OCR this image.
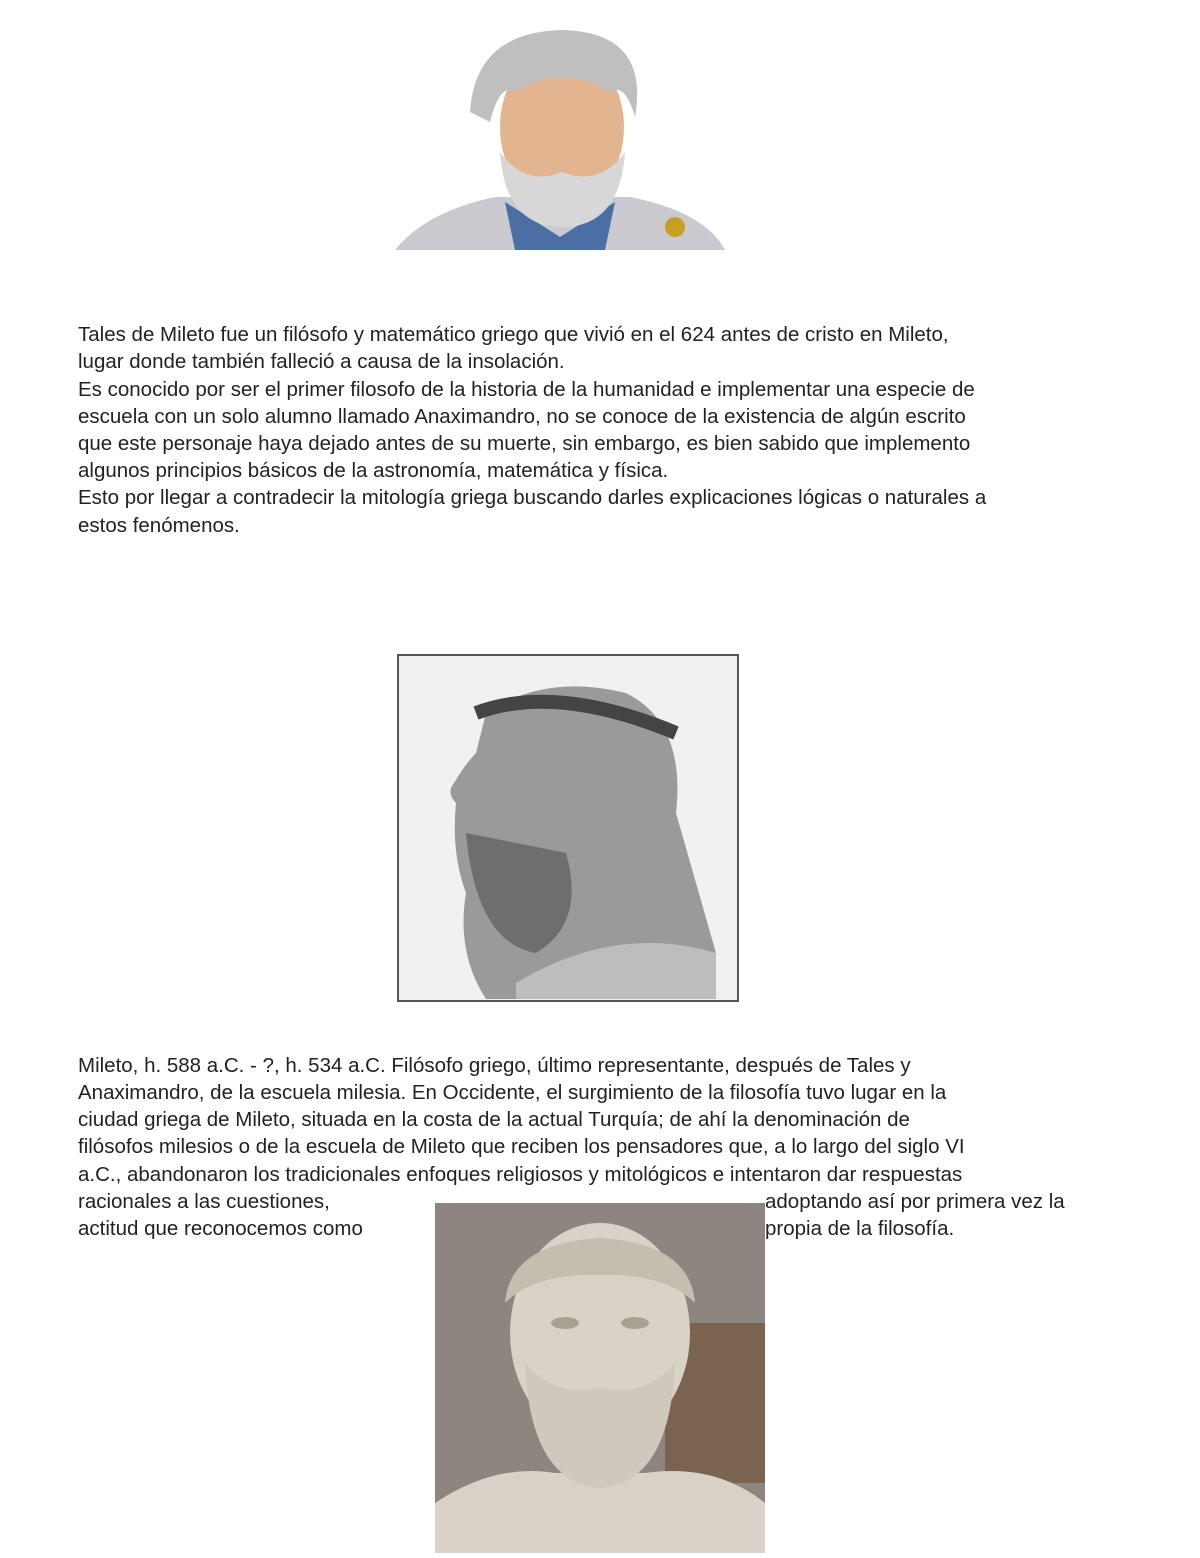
Tales de Mileto fue un filósofo y matemático griego que vivió en el 624 antes de cristo en Mileto,
lugar donde también falleció a causa de la insolación.
Es conocido por ser el primer filosofo de la historia de la humanidad e implementar una especie de
escuela con un solo alumno llamado Anaximandro, no se conoce de la existencia de algún escrito
que este personaje haya dejado antes de su muerte, sin embargo, es bien sabido que implemento
algunos principios básicos de la astronomía, matemática y física.
Esto por llegar a contradecir la mitología griega buscando darles explicaciones lógicas o naturales a
estos fenómenos.
Mileto, h. 588 a.C. - ?, h. 534 a.C. Filósofo griego, último representante, después de Tales y
Anaximandro, de la escuela milesia. En Occidente, el surgimiento de la filosofía tuvo lugar en la
ciudad griega de Mileto, situada en la costa de la actual Turquía; de ahí la denominación de
filósofos milesios o de la escuela de Mileto que reciben los pensadores que, a lo largo del siglo VI
a.C., abandonaron los tradicionales enfoques religiosos y mitológicos e intentaron dar respuestas
racionales a las cuestiones,	adoptando así por primera vez la
actitud que reconocemos como	propia de la filosofía.
